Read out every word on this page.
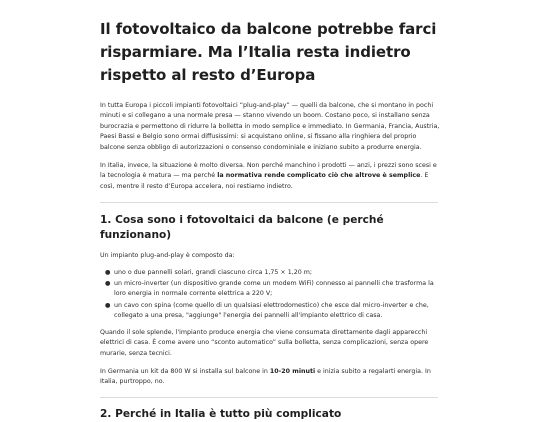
Il fotovoltaico da balcone potrebbe farci risparmiare. Ma l’Italia resta indietro rispetto al resto d’Europa

In tutta Europa i piccoli impianti fotovoltaici “plug-and-play” — quelli da balcone, che si montano in pochi minuti e si collegano a una normale presa — stanno vivendo un boom. Costano poco, si installano senza burocrazia e permettono di ridurre la bolletta in modo semplice e immediato. In Germania, Francia, Austria, Paesi Bassi e Belgio sono ormai diffusissimi: si acquistano online, si fissano alla ringhiera del proprio balcone senza obbligo di autorizzazioni o consenso condominiale e iniziano subito a produrre energia.

In Italia, invece, la situazione è molto diversa. Non perché manchino i prodotti — anzi, i prezzi sono scesi e la tecnologia è matura — ma perché la normativa rende complicato ciò che altrove è semplice. E così, mentre il resto d’Europa accelera, noi restiamo indietro.

1. Cosa sono i fotovoltaici da balcone (e perché funzionano)

Un impianto plug-and-play è composto da:

● uno o due pannelli solari, grandi ciascuno circa 1,75 × 1,20 m;
● un micro-inverter (un dispositivo grande come un modem WiFi) connesso ai pannelli che trasforma la loro energia in normale corrente elettrica a 220 V;
● un cavo con spina (come quello di un qualsiasi elettrodomestico) che esce dal micro-inverter e che, collegato a una presa, "aggiunge" l'energia dei pannelli all'impianto elettrico di casa.

Quando il sole splende, l'impianto produce energia che viene consumata direttamente dagli apparecchi elettrici di casa. È come avere uno “sconto automatico” sulla bolletta, senza complicazioni, senza opere murarie, senza tecnici.

In Germania un kit da 800 W si installa sul balcone in 10-20 minuti e inizia subito a regalarti energia. In Italia, purtroppo, no.

2. Perché in Italia è tutto più complicato
